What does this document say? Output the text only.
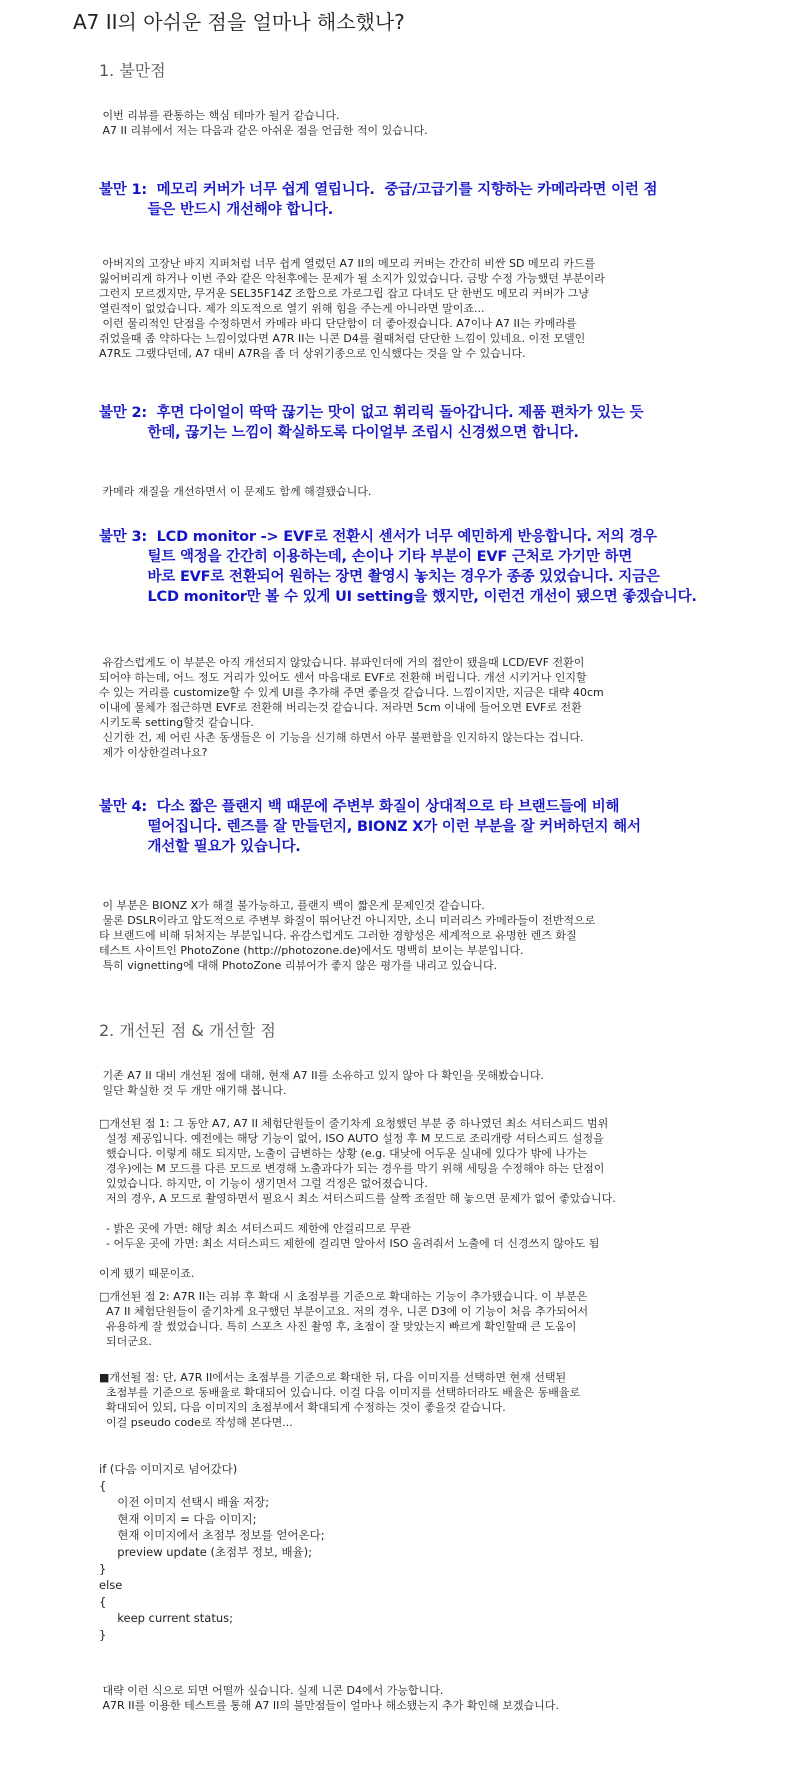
A7 II의 아쉬운 점을 얼마나 해소했나?
1. 불만점
이번 리뷰를 관통하는 핵심 테마가 될거 같습니다.
A7 II 리뷰에서 저는 다음과 같은 아쉬운 점을 언급한 적이 있습니다.
불만 1:  메모리 커버가 너무 쉽게 열립니다.  중급/고급기를 지향하는 카메라라면 이런 점
들은 반드시 개선해야 합니다.
아버지의 고장난 바지 지퍼처럼 너무 쉽게 열렸던 A7 II의 메모리 커버는 간간히 비싼 SD 메모리 카드를
잃어버리게 하거나 이번 주와 같은 악천후에는 문제가 될 소지가 있었습니다. 금방 수정 가능했던 부분이라
그런지 모르겠지만, 무거운 SEL35F14Z 조합으로 가로그립 잡고 다녀도 단 한번도 메모리 커버가 그냥
열린적이 없었습니다. 제가 의도적으로 열기 위해 힘을 주는게 아니라면 말이죠...
이런 물리적인 단점을 수정하면서 카메라 바디 단단함이 더 좋아졌습니다. A7이나 A7 II는 카메라를
쥐었을때 좀 약하다는 느낌이었다면 A7R II는 니콘 D4를 쥘때처럼 단단한 느낌이 있네요. 이전 모델인
A7R도 그랬다던데, A7 대비 A7R을 좀 더 상위기종으로 인식했다는 것을 알 수 있습니다.
불만 2:  후면 다이얼이 딱딱 끊기는 맛이 없고 휘리릭 돌아갑니다. 제품 편차가 있는 듯
한데, 끊기는 느낌이 확실하도록 다이얼부 조립시 신경썼으면 합니다.
카메라 재질을 개선하면서 이 문제도 함께 해결됐습니다.
불만 3:  LCD monitor -> EVF로 전환시 센서가 너무 예민하게 반응합니다. 저의 경우
틸트 액정을 간간히 이용하는데, 손이나 기타 부분이 EVF 근처로 가기만 하면
바로 EVF로 전환되어 원하는 장면 촬영시 놓치는 경우가 종종 있었습니다. 지금은
LCD monitor만 볼 수 있게 UI setting을 했지만, 이런건 개선이 됐으면 좋겠습니다.
유감스럽게도 이 부분은 아직 개선되지 않았습니다. 뷰파인더에 거의 접안이 됐을때 LCD/EVF 전환이
되어야 하는데, 어느 정도 거리가 있어도 센서 마음대로 EVF로 전환해 버립니다. 개선 시키거나 인지할
수 있는 거리를 customize할 수 있게 UI를 추가해 주면 좋을것 같습니다. 느낌이지만, 지금은 대략 40cm
이내에 물체가 접근하면 EVF로 전환해 버리는것 같습니다. 저라면 5cm 이내에 들어오면 EVF로 전환
시키도록 setting할것 같습니다.
신기한 건, 제 어린 사촌 동생들은 이 기능을 신기해 하면서 아무 불편함을 인지하지 않는다는 겁니다.
제가 이상한걸려나요?
불만 4:  다소 짧은 플랜지 백 때문에 주변부 화질이 상대적으로 타 브랜드들에 비해
떨어집니다. 렌즈를 잘 만들던지, BIONZ X가 이런 부분을 잘 커버하던지 해서
개선할 필요가 있습니다.
이 부분은 BIONZ X가 해결 불가능하고, 플랜지 백이 짧은게 문제인것 같습니다.
물론 DSLR이라고 압도적으로 주변부 화질이 뛰어난건 아니지만, 소니 미러리스 카메라들이 전반적으로
타 브랜드에 비해 뒤처지는 부분입니다. 유감스럽게도 그러한 경향성은 세계적으로 유명한 렌즈 화질
테스트 사이트인 PhotoZone (http://photozone.de)에서도 명백히 보이는 부분입니다.
특히 vignetting에 대해 PhotoZone 리뷰어가 좋지 않은 평가를 내리고 있습니다.
2. 개선된 점 & 개선할 점
기존 A7 II 대비 개선된 점에 대해, 현재 A7 II를 소유하고 있지 않아 다 확인을 못해봤습니다.
일단 확실한 것 두 개만 얘기해 봅니다.
□개선된 점 1: 그 동안 A7, A7 II 체험단원들이 줄기차게 요청했던 부분 중 하나였던 최소 셔터스피드 범위
설정 제공입니다. 예전에는 해당 기능이 없어, ISO AUTO 설정 후 M 모드로 조리개랑 셔터스피드 설정을
했습니다. 이렇게 해도 되지만, 노출이 급변하는 상황 (e.g. 대낮에 어두운 실내에 있다가 밖에 나가는
경우)에는 M 모드를 다른 모드로 변경해 노출과다가 되는 경우를 막기 위해 세팅을 수정해야 하는 단점이
있었습니다. 하지만, 이 기능이 생기면서 그럴 걱정은 없어졌습니다.
저의 경우, A 모드로 촬영하면서 필요시 최소 셔터스피드를 살짝 조절만 해 놓으면 문제가 없어 좋았습니다.

- 밝은 곳에 가면: 해당 최소 셔터스피드 제한에 안걸리므로 무관
- 어두운 곳에 가면: 최소 셔터스피드 제한에 걸리면 알아서 ISO 올려줘서 노출에 더 신경쓰지 않아도 됨

이게 됐기 때문이죠.
□개선된 점 2: A7R II는 리뷰 후 확대 시 초점부를 기준으로 확대하는 기능이 추가됐습니다. 이 부분은
A7 II 체험단원들이 줄기차게 요구했던 부분이고요. 저의 경우, 니콘 D3에 이 기능이 처음 추가되어서
유용하게 잘 썼었습니다. 특히 스포츠 사진 촬영 후, 초점이 잘 맞았는지 빠르게 확인할때 큰 도움이
되더군요.
■개선될 점: 단, A7R II에서는 초점부를 기준으로 확대한 뒤, 다음 이미지를 선택하면 현재 선택된
초점부를 기준으로 동배율로 확대되어 있습니다. 이걸 다음 이미지를 선택하더라도 배율은 동배율로
확대되어 있되, 다음 이미지의 초점부에서 확대되게 수정하는 것이 좋을것 같습니다.
이걸 pseudo code로 작성해 본다면...
if (다음 이미지로 넘어갔다)
{
이전 이미지 선택시 배율 저장;
현재 이미지 = 다음 이미지;
현재 이미지에서 초점부 정보를 얻어온다;
preview update (초점부 정보, 배율);
}
else
{
keep current status;
}
대략 이런 식으로 되면 어떨까 싶습니다. 실제 니콘 D4에서 가능합니다.
A7R II를 이용한 테스트를 통해 A7 II의 불만점들이 얼마나 해소됐는지 추가 확인해 보겠습니다.
